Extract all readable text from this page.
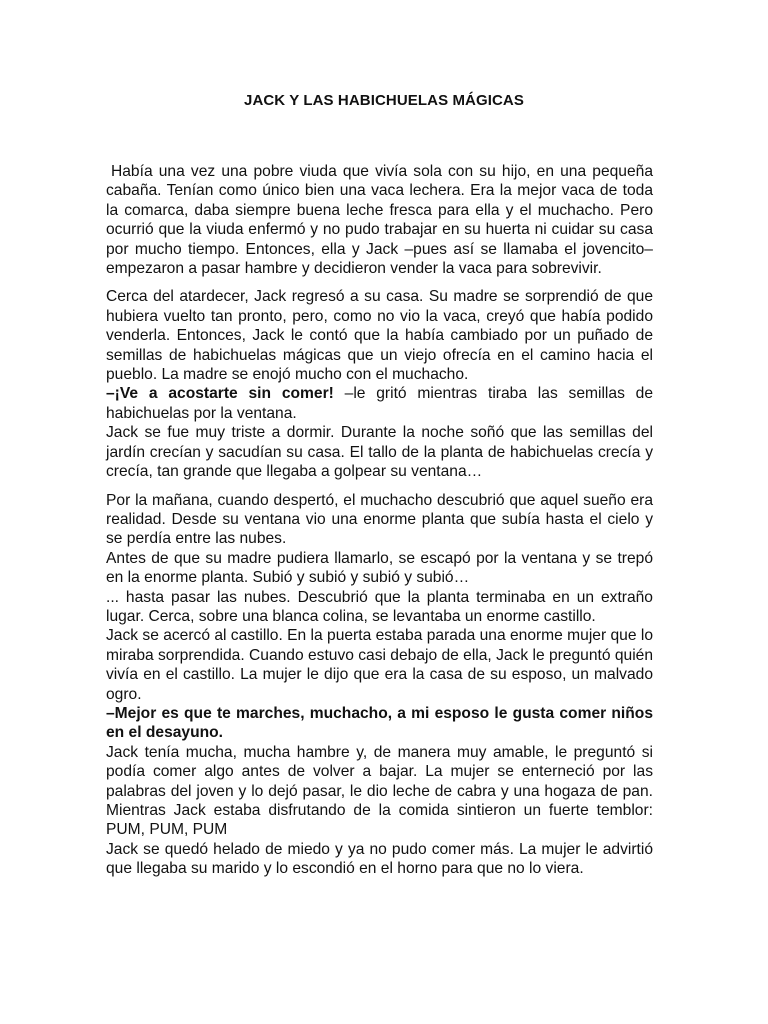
JACK Y LAS HABICHUELAS MÁGICAS

Había una vez una pobre viuda que vivía sola con su hijo, en una pequeña cabaña. Tenían como único bien una vaca lechera. Era la mejor vaca de toda la comarca, daba siempre buena leche fresca para ella y el muchacho. Pero ocurrió que la viuda enfermó y no pudo trabajar en su huerta ni cuidar su casa por mucho tiempo. Entonces, ella y Jack –pues así se llamaba el jovencito– empezaron a pasar hambre y decidieron vender la vaca para sobrevivir.

Cerca del atardecer, Jack regresó a su casa. Su madre se sorprendió de que hubiera vuelto tan pronto, pero, como no vio la vaca, creyó que había podido venderla. Entonces, Jack le contó que la había cambiado por un puñado de semillas de habichuelas mágicas que un viejo ofrecía en el camino hacia el pueblo. La madre se enojó mucho con el muchacho.

–¡Ve a acostarte sin comer! –le gritó mientras tiraba las semillas de habichuelas por la ventana.

Jack se fue muy triste a dormir. Durante la noche soñó que las semillas del jardín crecían y sacudían su casa. El tallo de la planta de habichuelas crecía y crecía, tan grande que llegaba a golpear su ventana…

Por la mañana, cuando despertó, el muchacho descubrió que aquel sueño era realidad. Desde su ventana vio una enorme planta que subía hasta el cielo y se perdía entre las nubes.

Antes de que su madre pudiera llamarlo, se escapó por la ventana y se trepó en la enorme planta. Subió y subió y subió y subió…

... hasta pasar las nubes. Descubrió que la planta terminaba en un extraño lugar. Cerca, sobre una blanca colina, se levantaba un enorme castillo.

Jack se acercó al castillo. En la puerta estaba parada una enorme mujer que lo miraba sorprendida. Cuando estuvo casi debajo de ella, Jack le preguntó quién vivía en el castillo. La mujer le dijo que era la casa de su esposo, un malvado ogro.

–Mejor es que te marches, muchacho, a mi esposo le gusta comer niños en el desayuno.

Jack tenía mucha, mucha hambre y, de manera muy amable, le preguntó si podía comer algo antes de volver a bajar. La mujer se enterneció por las palabras del joven y lo dejó pasar, le dio leche de cabra y una hogaza de pan. Mientras Jack estaba disfrutando de la comida sintieron un fuerte temblor: PUM, PUM, PUM

Jack se quedó helado de miedo y ya no pudo comer más. La mujer le advirtió que llegaba su marido y lo escondió en el horno para que no lo viera.
